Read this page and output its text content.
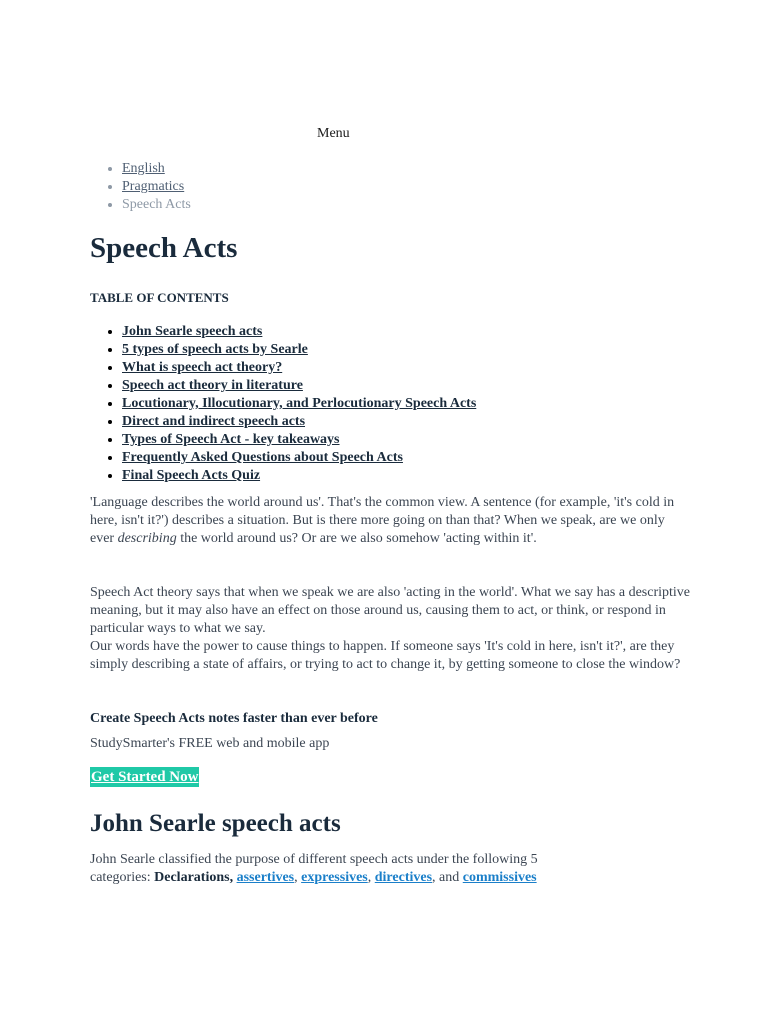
Menu
• English
• Pragmatics
• Speech Acts
Speech Acts
TABLE OF CONTENTS
• John Searle speech acts
• 5 types of speech acts by Searle
• What is speech act theory?
• Speech act theory in literature
• Locutionary, Illocutionary, and Perlocutionary Speech Acts
• Direct and indirect speech acts
• Types of Speech Act - key takeaways
• Frequently Asked Questions about Speech Acts
• Final Speech Acts Quiz

'Language describes the world around us'. That's the common view. A sentence (for example, 'it's cold in here, isn't it?') describes a situation. But is there more going on than that? When we speak, are we only ever describing the world around us? Or are we also somehow 'acting within it'.

Speech Act theory says that when we speak we are also 'acting in the world'. What we say has a descriptive meaning, but it may also have an effect on those around us, causing them to act, or think, or respond in particular ways to what we say.
Our words have the power to cause things to happen. If someone says 'It's cold in here, isn't it?', are they simply describing a state of affairs, or trying to act to change it, by getting someone to close the window?

Create Speech Acts notes faster than ever before
StudySmarter's FREE web and mobile app
Get Started Now
John Searle speech acts

John Searle classified the purpose of different speech acts under the following 5 categories: Declarations, assertives, expressives, directives, and commissives
